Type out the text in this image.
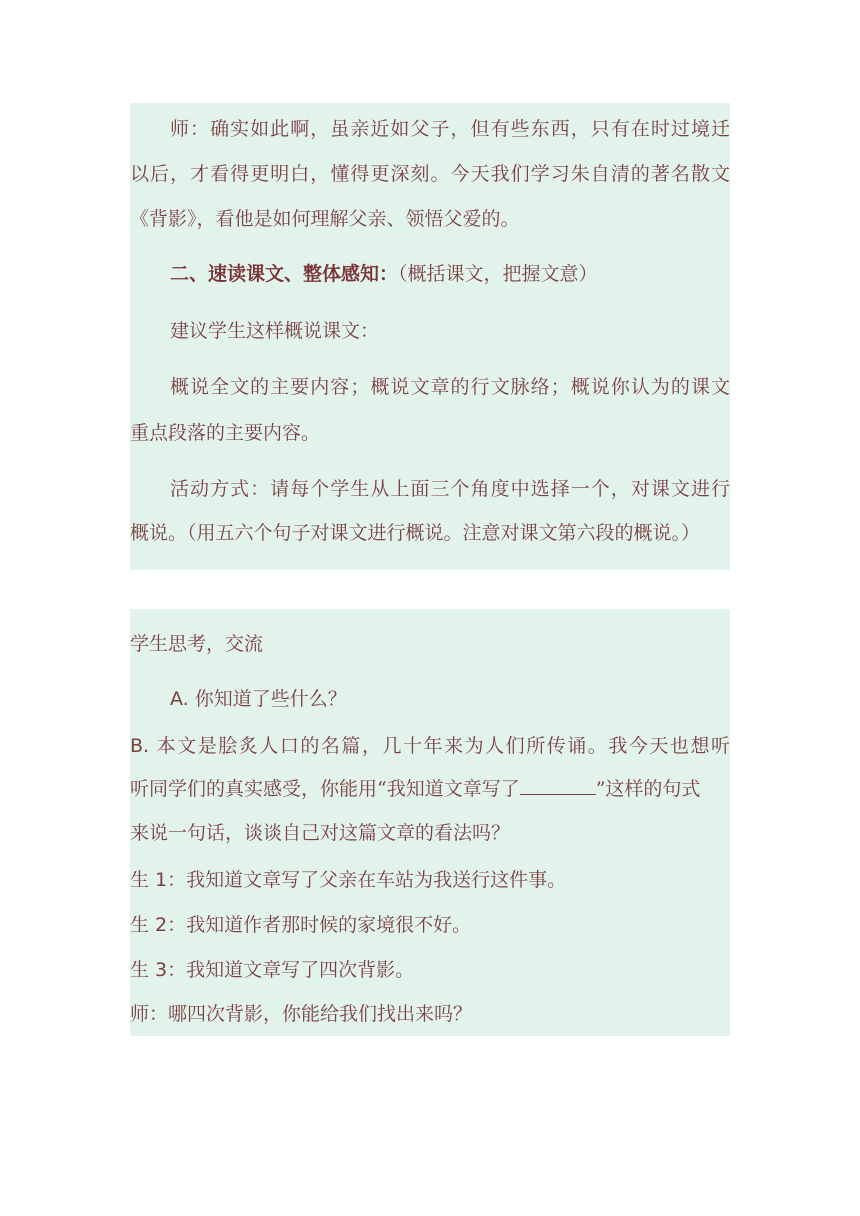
师：确实如此啊，虽亲近如父子，但有些东西，只有在时过境迁
以后，才看得更明白，懂得更深刻。今天我们学习朱自清的著名散文
《背影》，看他是如何理解父亲、领悟父爱的。
二、速读课文、整体感知：（概括课文，把握文意）
建议学生这样概说课文：
概说全文的主要内容；概说文章的行文脉络；概说你认为的课文
重点段落的主要内容。
活动方式：请每个学生从上面三个角度中选择一个，对课文进行
概说。（用五六个句子对课文进行概说。注意对课文第六段的概说。）
学生思考，交流
A. 你知道了些什么？
B. 本文是脍炙人口的名篇，几十年来为人们所传诵。我今天也想听
听同学们的真实感受，你能用“我知道文章写了	”这样的句式
来说一句话，谈谈自己对这篇文章的看法吗？
生 1：我知道文章写了父亲在车站为我送行这件事。
生 2：我知道作者那时候的家境很不好。
生 3：我知道文章写了四次背影。
师：哪四次背影，你能给我们找出来吗？
